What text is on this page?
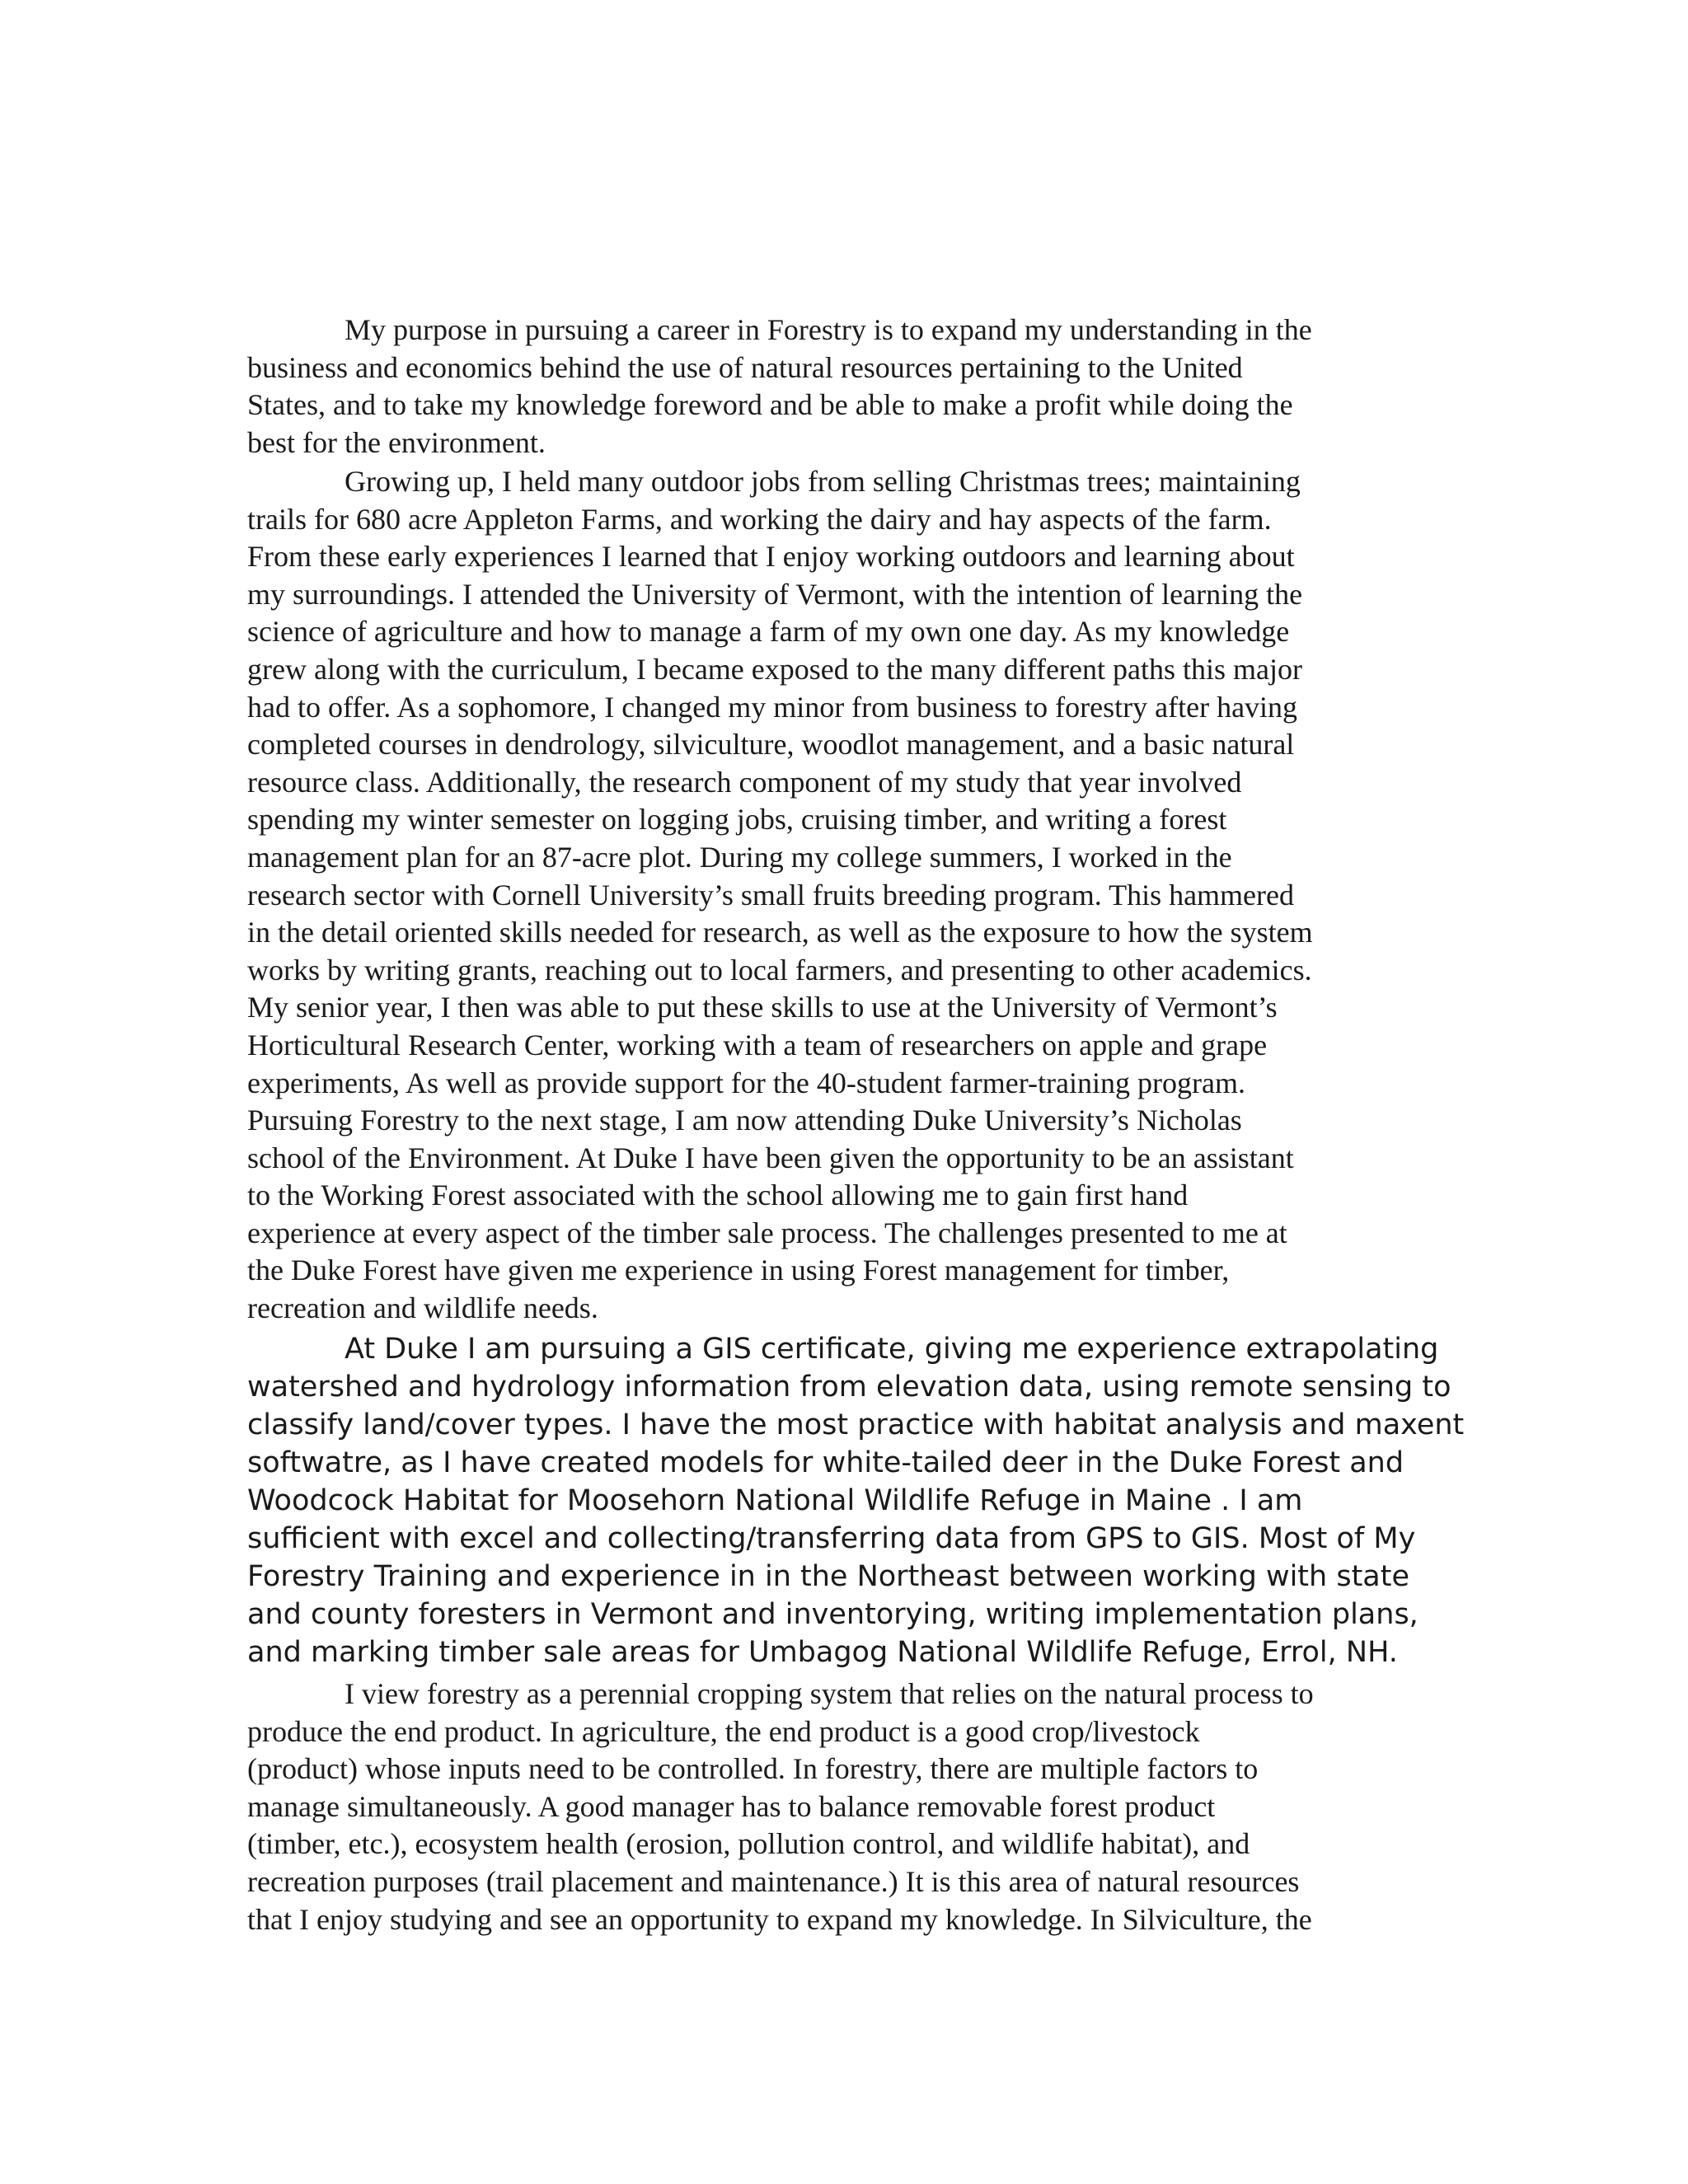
My purpose in pursuing a career in Forestry is to expand my understanding in the
business and economics behind the use of natural resources pertaining to the United
States, and to take my knowledge foreword and be able to make a profit while doing the
best for the environment.
Growing up, I held many outdoor jobs from selling Christmas trees; maintaining
trails for 680 acre Appleton Farms, and working the dairy and hay aspects of the farm.
From these early experiences I learned that I enjoy working outdoors and learning about
my surroundings. I attended the University of Vermont, with the intention of learning the
science of agriculture and how to manage a farm of my own one day. As my knowledge
grew along with the curriculum, I became exposed to the many different paths this major
had to offer. As a sophomore, I changed my minor from business to forestry after having
completed courses in dendrology, silviculture, woodlot management, and a basic natural
resource class. Additionally, the research component of my study that year involved
spending my winter semester on logging jobs, cruising timber, and writing a forest
management plan for an 87-acre plot. During my college summers, I worked in the
research sector with Cornell University’s small fruits breeding program. This hammered
in the detail oriented skills needed for research, as well as the exposure to how the system
works by writing grants, reaching out to local farmers, and presenting to other academics.
My senior year, I then was able to put these skills to use at the University of Vermont’s
Horticultural Research Center, working with a team of researchers on apple and grape
experiments, As well as provide support for the 40-student farmer-training program.
Pursuing Forestry to the next stage, I am now attending Duke University’s Nicholas
school of the Environment. At Duke I have been given the opportunity to be an assistant
to the Working Forest associated with the school allowing me to gain first hand
experience at every aspect of the timber sale process. The challenges presented to me at
the Duke Forest have given me experience in using Forest management for timber,
recreation and wildlife needs.
At Duke I am pursuing a GIS certificate, giving me experience extrapolating
watershed and hydrology information from elevation data, using remote sensing to
classify land/cover types. I have the most practice with habitat analysis and maxent
softwatre, as I have created models for white-tailed deer in the Duke Forest and
Woodcock Habitat for Moosehorn National Wildlife Refuge in Maine . I am
sufficient with excel and collecting/transferring data from GPS to GIS. Most of My
Forestry Training and experience in in the Northeast between working with state
and county foresters in Vermont and inventorying, writing implementation plans,
and marking timber sale areas for Umbagog National Wildlife Refuge, Errol, NH.
I view forestry as a perennial cropping system that relies on the natural process to
produce the end product. In agriculture, the end product is a good crop/livestock
(product) whose inputs need to be controlled. In forestry, there are multiple factors to
manage simultaneously. A good manager has to balance removable forest product
(timber, etc.), ecosystem health (erosion, pollution control, and wildlife habitat), and
recreation purposes (trail placement and maintenance.) It is this area of natural resources
that I enjoy studying and see an opportunity to expand my knowledge. In Silviculture, the
